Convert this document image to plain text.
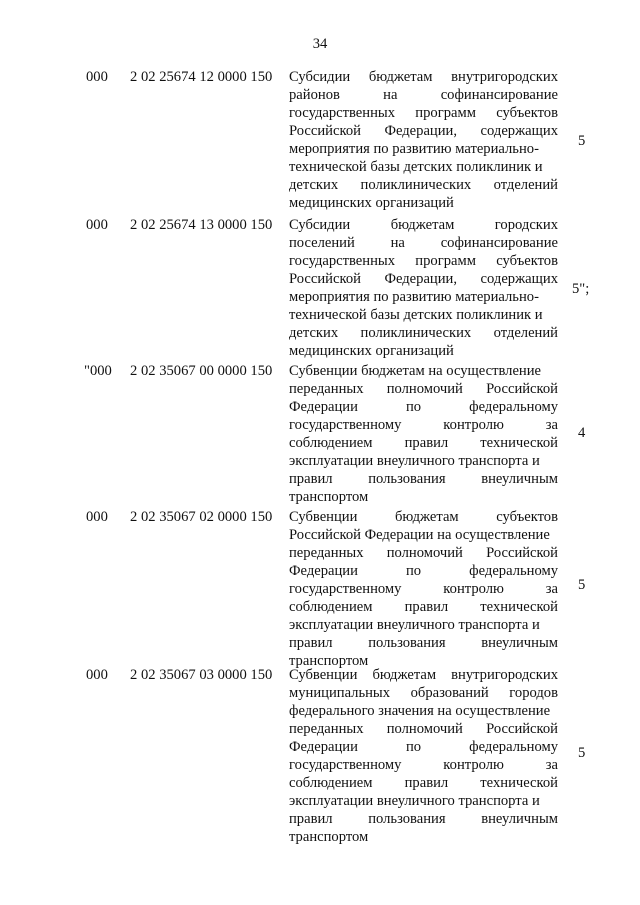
34
000 2 02 25674 12 0000 150 Субсидии бюджетам внутригородских
районов на софинансирование
государственных программ субъектов
Российской Федерации, содержащих
мероприятия по развитию материально-
технической базы детских поликлиник и
детских поликлинических отделений
медицинских организаций
5
000 2 02 25674 13 0000 150 Субсидии бюджетам городских
поселений на софинансирование
государственных программ субъектов
Российской Федерации, содержащих
мероприятия по развитию материально-
технической базы детских поликлиник и
детских поликлинических отделений
медицинских организаций
5";
"000 2 02 35067 00 0000 150 Субвенции бюджетам на осуществление
переданных полномочий Российской
Федерации по федеральному
государственному контролю за
соблюдением правил технической
эксплуатации внеуличного транспорта и
правил пользования внеуличным
транспортом
4
000 2 02 35067 02 0000 150 Субвенции бюджетам субъектов
Российской Федерации на осуществление
переданных полномочий Российской
Федерации по федеральному
государственному контролю за
соблюдением правил технической
эксплуатации внеуличного транспорта и
правил пользования внеуличным
транспортом
5
000 2 02 35067 03 0000 150 Субвенции бюджетам внутригородских
муниципальных образований городов
федерального значения на осуществление
переданных полномочий Российской
Федерации по федеральному
государственному контролю за
соблюдением правил технической
эксплуатации внеуличного транспорта и
правил пользования внеуличным
транспортом
5
